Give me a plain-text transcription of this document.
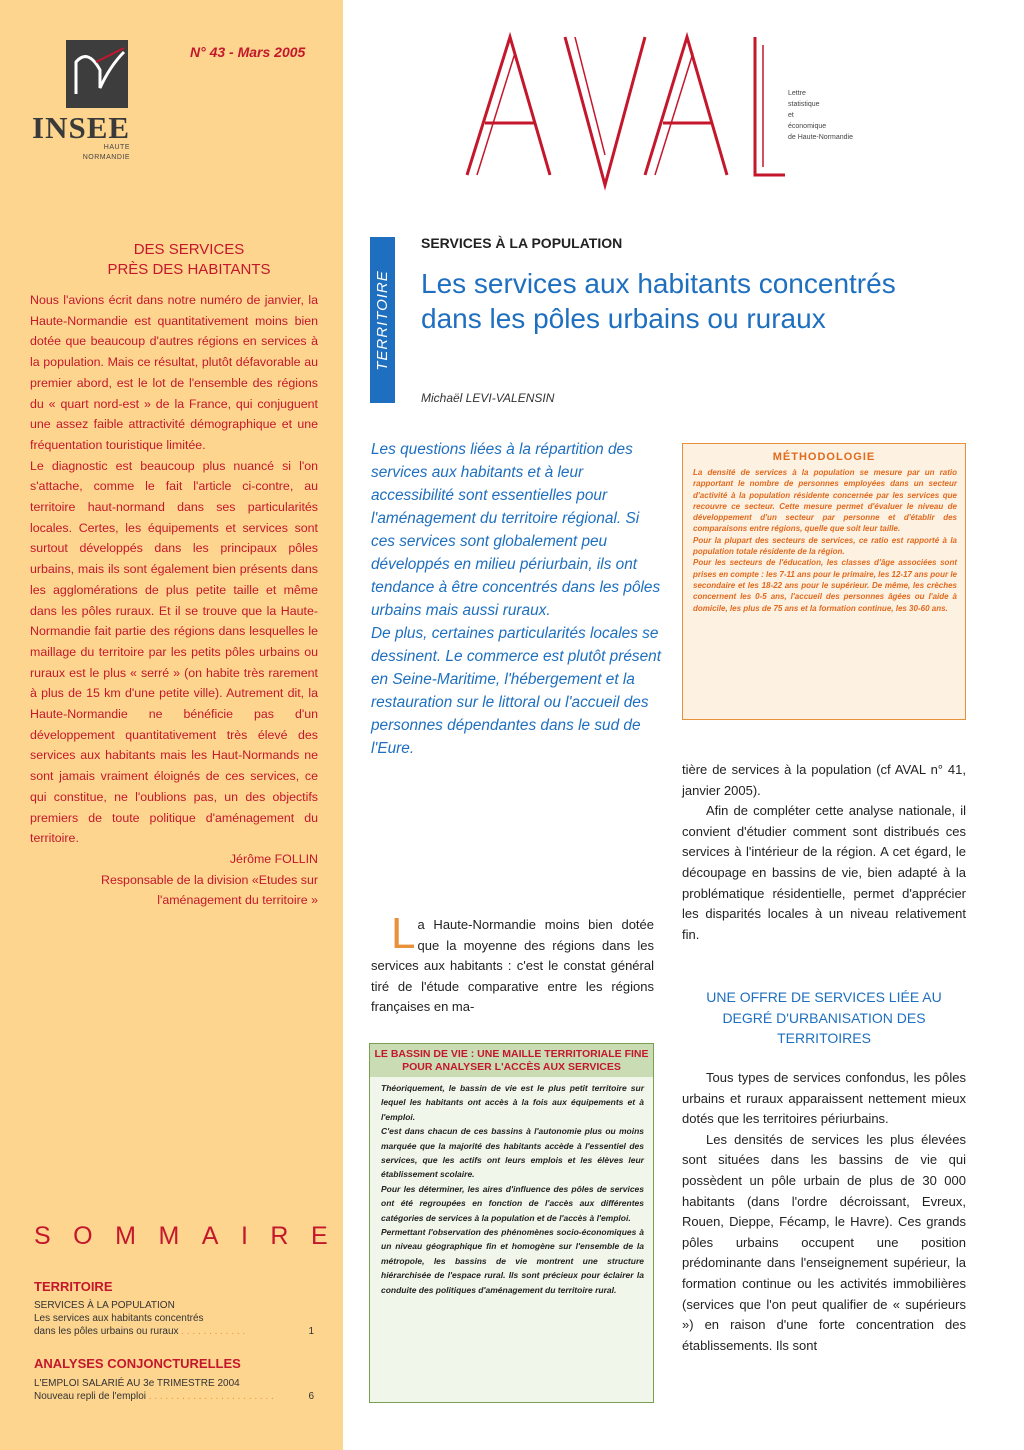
INSEE
HAUTE
NORMANDIE
N° 43 - Mars 2005
DES SERVICES
PRÈS DES HABITANTS

Nous l'avions écrit dans notre numéro de janvier, la Haute-Normandie est quantitativement moins bien dotée que beaucoup d'autres régions en services à la population. Mais ce résultat, plutôt défavorable au premier abord, est le lot de l'ensemble des régions du « quart nord-est » de la France, qui conjuguent une assez faible attractivité démographique et une fréquentation touristique limitée.

Le diagnostic est beaucoup plus nuancé si l'on s'attache, comme le fait l'article ci-contre, au territoire haut-normand dans ses particularités locales. Certes, les équipements et services sont surtout développés dans les principaux pôles urbains, mais ils sont également bien présents dans les agglomérations de plus petite taille et même dans les pôles ruraux. Et il se trouve que la Haute-Normandie fait partie des régions dans lesquelles le maillage du territoire par les petits pôles urbains ou ruraux est le plus « serré » (on habite très rarement à plus de 15 km d'une petite ville). Autrement dit, la Haute-Normandie ne bénéficie pas d'un développement quantitativement très élevé des services aux habitants mais les Haut-Normands ne sont jamais vraiment éloignés de ces services, ce qui constitue, ne l'oublions pas, un des objectifs premiers de toute politique d'aménagement du territoire.

Jérôme FOLLIN

Responsable de la division «Etudes sur l'aménagement du territoire »

SOMMAIRE
TERRITOIRE
SERVICES À LA POPULATION
Les services aux habitants concentrés
dans les pôles urbains ou ruraux . . . . . . . . . . . .	1
ANALYSES CONJONCTURELLES
L'EMPLOI SALARIÉ AU 3e TRIMESTRE 2004
Nouveau repli de l'emploi . . . . . . . . . . . . . . . . . . . . . . .	6
Lettre
statistique
et
économique
de Haute-Normandie
TERRITOIRE
SERVICES À LA POPULATION
Les services aux habitants concentrés dans les pôles urbains ou ruraux
Michaël LEVI-VALENSIN

Les questions liées à la répartition des services aux habitants et à leur accessibilité sont essentielles pour l'aménagement du territoire régional. Si ces services sont globalement peu développés en milieu périurbain, ils ont tendance à être concentrés dans les pôles urbains mais aussi ruraux.

De plus, certaines particularités locales se dessinent. Le commerce est plutôt présent en Seine-Maritime, l'hébergement et la restauration sur le littoral ou l'accueil des personnes dépendantes dans le sud de l'Eure.

MÉTHODOLOGIE

La densité de services à la population se mesure par un ratio rapportant le nombre de personnes employées dans un secteur d'activité à la population résidente concernée par les services que recouvre ce secteur. Cette mesure permet d'évaluer le niveau de développement d'un secteur par personne et d'établir des comparaisons entre régions, quelle que soit leur taille.

Pour la plupart des secteurs de services, ce ratio est rapporté à la population totale résidente de la région.

Pour les secteurs de l'éducation, les classes d'âge associées sont prises en compte : les 7-11 ans pour le primaire, les 12-17 ans pour le secondaire et les 18-22 ans pour le supérieur. De même, les crèches concernent les 0-5 ans, l'accueil des personnes âgées ou l'aide à domicile, les plus de 75 ans et la formation continue, les 30-60 ans.

La Haute-Normandie moins bien dotée que la moyenne des régions dans les services aux habitants : c'est le constat général tiré de l'étude comparative entre les régions françaises en ma-
LE BASSIN DE VIE : UNE MAILLE TERRITORIALE FINE POUR ANALYSER L'ACCÈS AUX SERVICES

Théoriquement, le bassin de vie est le plus petit territoire sur lequel les habitants ont accès à la fois aux équipements et à l'emploi.

C'est dans chacun de ces bassins à l'autonomie plus ou moins marquée que la majorité des habitants accède à l'essentiel des services, que les actifs ont leurs emplois et les élèves leur établissement scolaire.

Pour les déterminer, les aires d'influence des pôles de services ont été regroupées en fonction de l'accès aux différentes catégories de services à la population et de l'accès à l'emploi.

Permettant l'observation des phénomènes socio-économiques à un niveau géographique fin et homogène sur l'ensemble de la métropole, les bassins de vie montrent une structure hiérarchisée de l'espace rural. Ils sont précieux pour éclairer la conduite des politiques d'aménagement du territoire rural.

tière de services à la population (cf AVAL n° 41, janvier 2005).

Afin de compléter cette analyse nationale, il convient d'étudier comment sont distribués ces services à l'intérieur de la région. A cet égard, le découpage en bassins de vie, bien adapté à la problématique résidentielle, permet d'apprécier les disparités locales à un niveau relativement fin.

UNE OFFRE DE SERVICES LIÉE AU DEGRÉ D'URBANISATION DES TERRITOIRES

Tous types de services confondus, les pôles urbains et ruraux apparaissent nettement mieux dotés que les territoires périurbains.

Les densités de services les plus élevées sont situées dans les bassins de vie qui possèdent un pôle urbain de plus de 30 000 habitants (dans l'ordre décroissant, Evreux, Rouen, Dieppe, Fécamp, le Havre). Ces grands pôles urbains occupent une position prédominante dans l'enseignement supérieur, la formation continue ou les activités immobilières (services que l'on peut qualifier de « supérieurs ») en raison d'une forte concentration des établissements. Ils sont
